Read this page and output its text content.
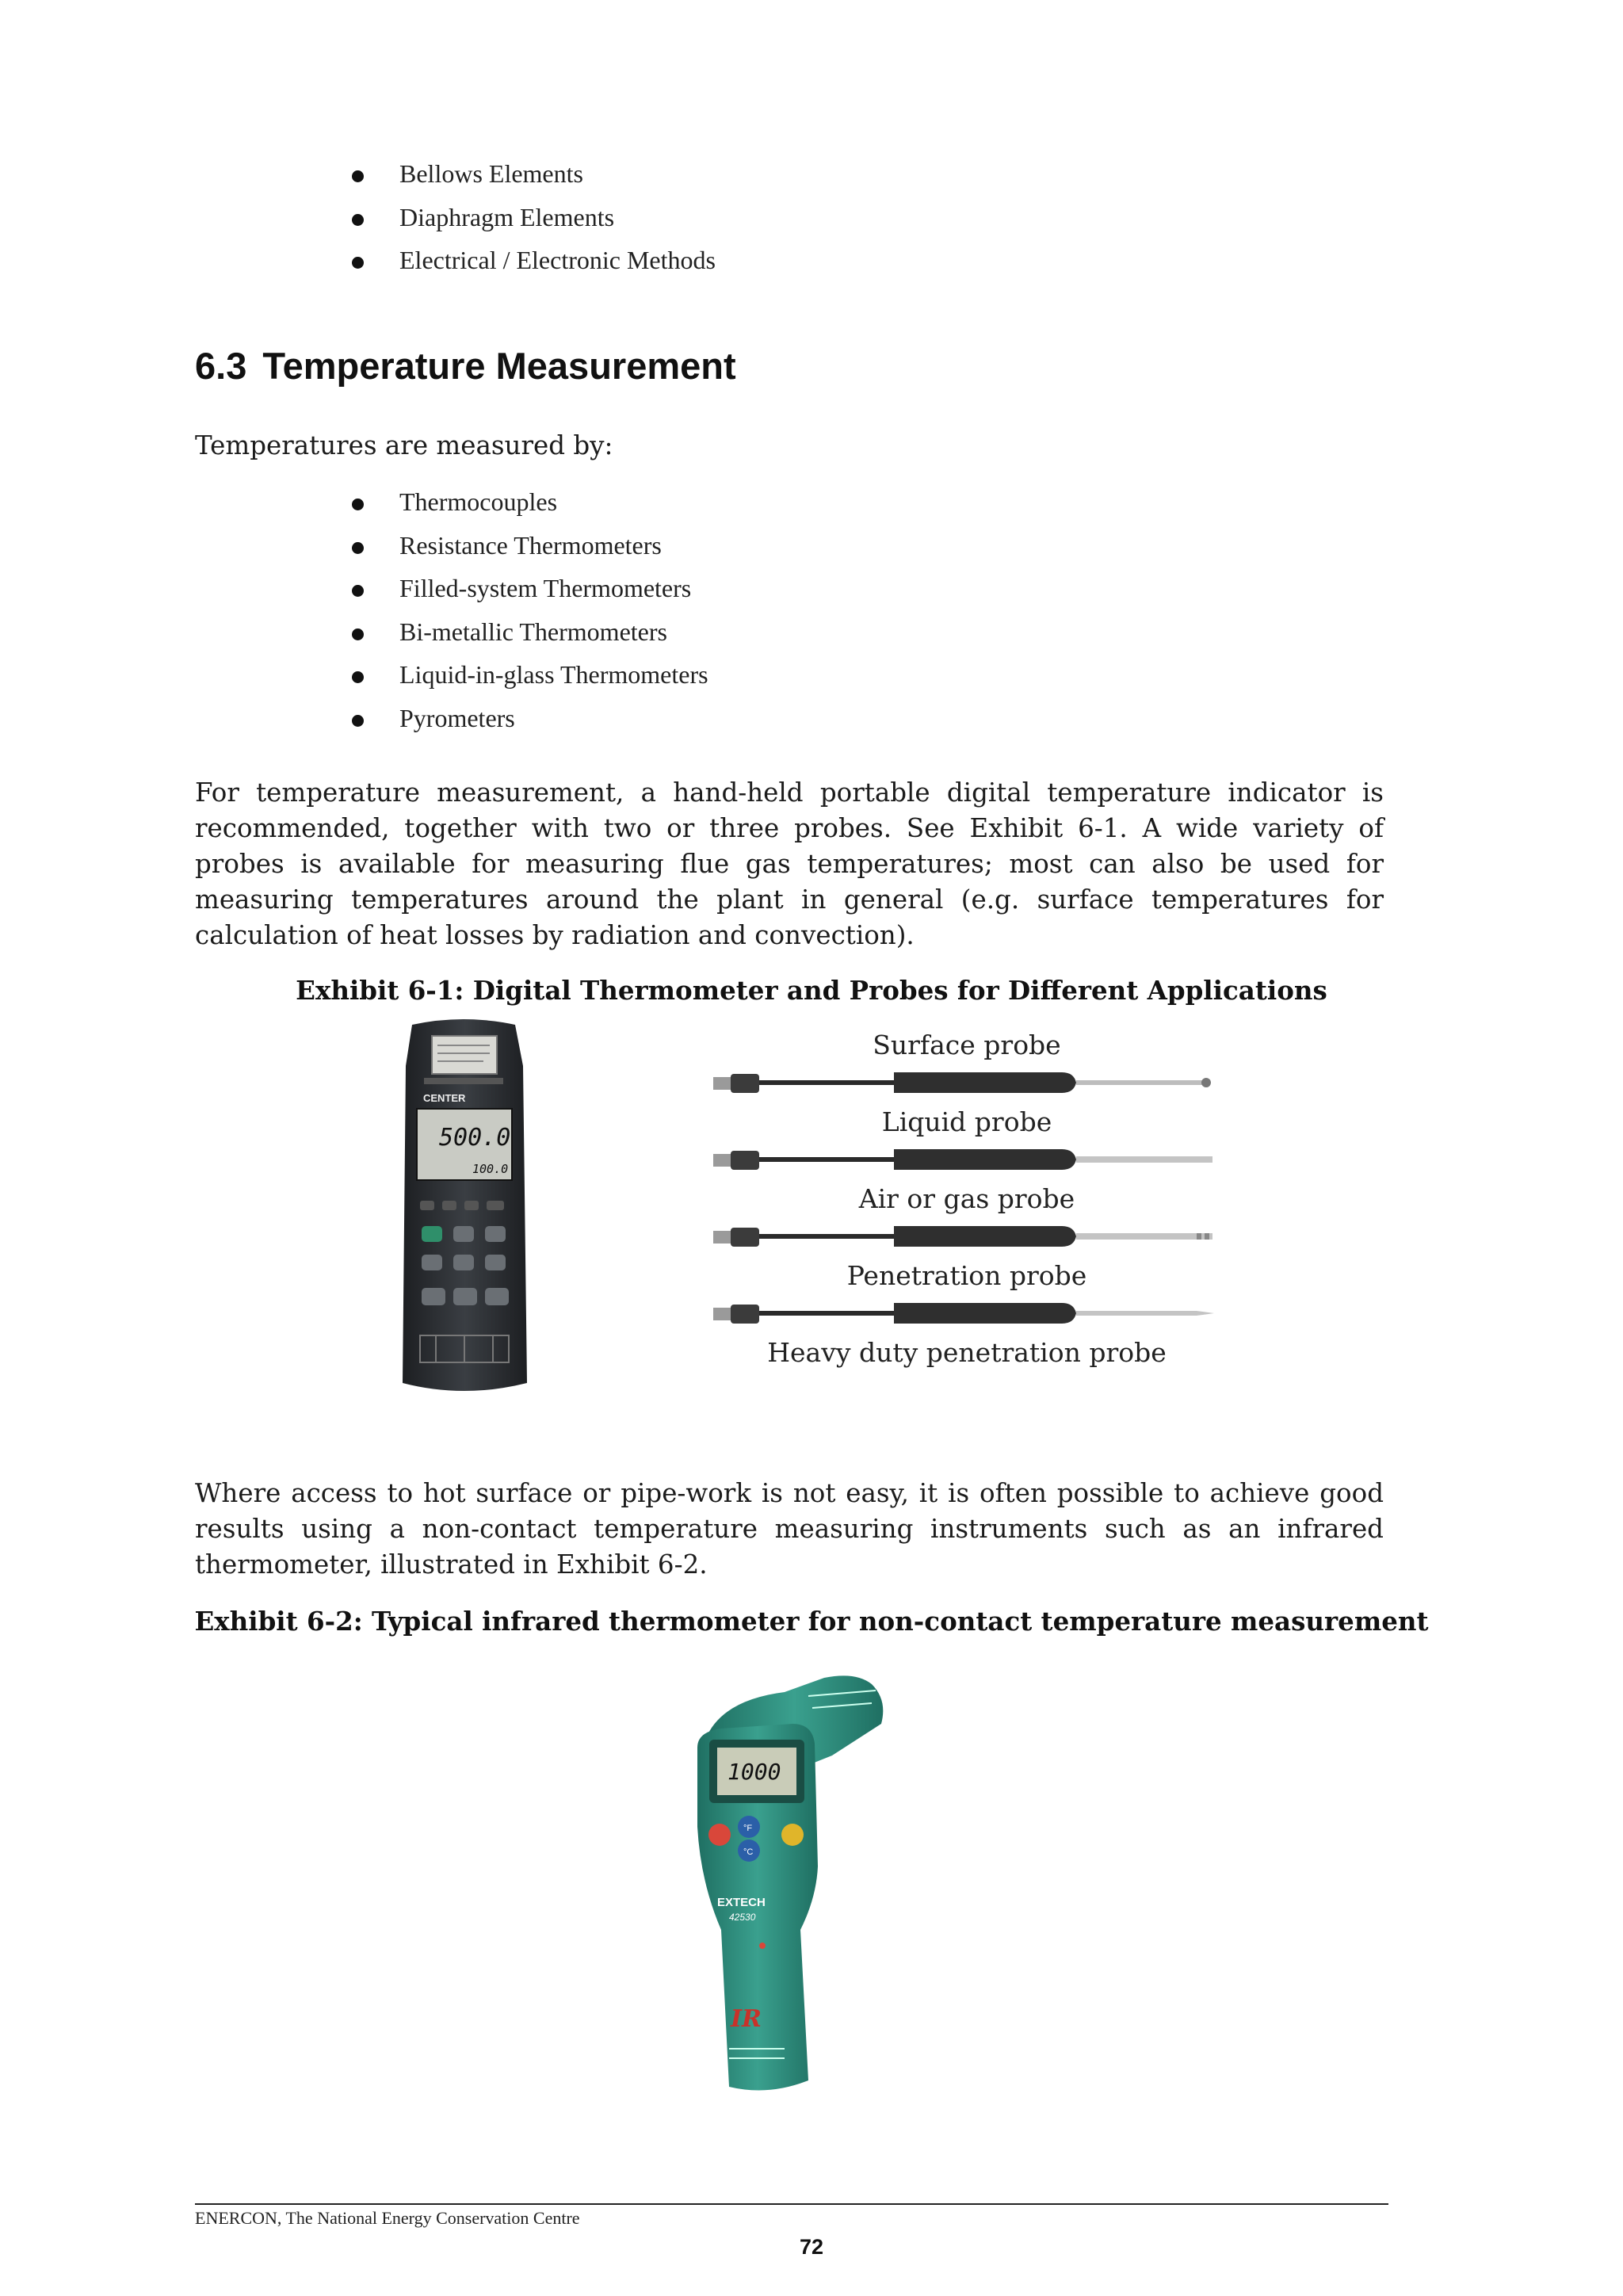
Bellows Elements
Diaphragm Elements
Electrical / Electronic Methods
6.3 Temperature Measurement

Temperatures are measured by:

Thermocouples
Resistance Thermometers
Filled-system Thermometers
Bi-metallic Thermometers
Liquid-in-glass Thermometers
Pyrometers

For temperature measurement, a hand-held portable digital temperature indicator is recommended, together with two or three probes. See Exhibit 6-1. A wide variety of probes is available for measuring flue gas temperatures; most can also be used for measuring temperatures around the plant in general (e.g. surface temperatures for calculation of heat losses by radiation and convection).

Exhibit 6-1: Digital Thermometer and Probes for Different Applications

CENTER
500.0
100.0
Surface probe
Liquid probe
Air or gas probe
Penetration probe
Heavy duty penetration probe

Where access to hot surface or pipe-work is not easy, it is often possible to achieve good results using a non-contact temperature measuring instruments such as an infrared thermometer, illustrated in Exhibit 6-2.

Exhibit 6-2: Typical infrared thermometer for non-contact temperature measurement

1000
°F
°C
EXTECH
42530
IR
ENERCON, The National Energy Conservation Centre
72
